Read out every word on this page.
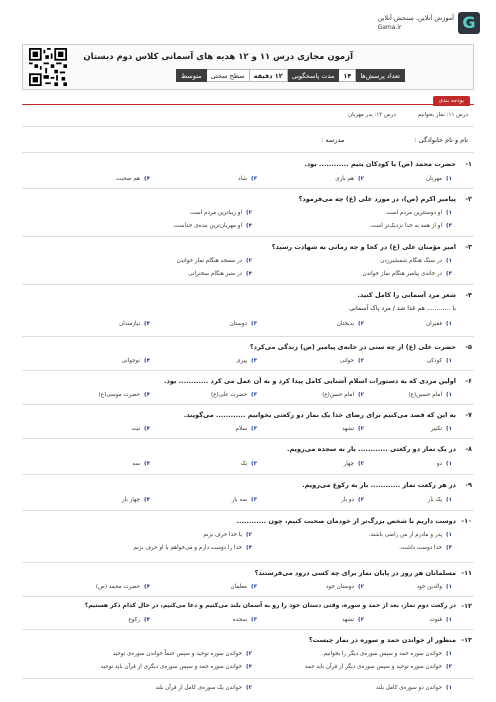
G
آموزش آنلاین، سنجش آنلاین
Gama.ir
آزمون مجازی درس ۱۱ و ۱۲ هدیه های آسمانی کلاس دوم دبستان
تعداد پرسش‌ها
۱۴
مدت پاسخگویی
۱۲ دقیقه
سطح سختی
متوسط
بودجه بندی
درس ۱۱: نماز بخوانیم
درس ۱۲: پدر مهربان
نام و نام خانوادگی :
مدرسه :
۱-
حضرت محمد (ص) یا کودکان یتیم ............ بود.
۱)مهربان
۲)هم بازی
۳)شاد
۴)هم صحبت
۲-
پیامبر اکرم (ص)، در مورد علی (ع) چه می‌فرمود؟
۱)او دوستترین مردم است.
۲)او زیباترین مردم است.
۳)او از همه به خدا نزدیک‌تر است.
۴)او مهربان‌ترین بنده‌ی خداست.
۳-
امیر مؤمنان علی (ع) در کجا و چه زمانی به شهادت رسید؟
۱)در سنگ هنگام شمشیرزدن
۲)در مسجد هنگام نماز خواندن
۳)در خانه‌ی پیامبر هنگام نماز خواندن
۴)در منبر هنگام سخنرانی
۴-
شعر مرد آسمانی را کامل کنید.
با ............ هم غذا شد / مرد پاک آسمانی
۱)فقیران
۲)بدبختان
۳)دوستان
۴)نیازمندان
۵-
حضرت علی (ع) از چه سنی در خانه‌ی پیامبر (ص) زندگی می‌کرد؟
۱)کودکی
۲)جوانی
۳)پیری
۴)نوجوانی
۶-
اولین مردی که به دستورات اسلام آشنایی کامل پیدا کرد و به آن عمل می کرد ............ بود.
۱)امام حسین(ع)
۲)امام حسن(ع)
۳)حضرت علی(ع)
۴)حضرت موسی(ع)
۷-
به این که قصد می‌کنیم برای رضای خدا یک نماز دو رکعتی بخوانیم ............ می‌گویند.
۱)تکبیر
۲)تشهد
۳)سلام
۴)نیت
۸-
در یک نماز دو رکعتی ............ بار به سجده می‌رویم.
۱)دو
۲)چهار
۳)یک
۴)سه
۹-
در هر رکعت نماز ............ بار به رکوع می‌رویم.
۱)یک بار
۲)دو بار
۳)سه بار
۴)چهار بار
۱۰-
دوست داریم با شخص بزرگ‌تر از خودمان صحبت کنیم، چون ............
۱)پدر و مادرم از من راضی باشند.
۲)با خدا حرف بزنم
۳)خدا دوست داشت.
۴)خدا را دوست دارم و می‌خواهم با او حرف بزنم
۱۱-
مسلمانان هر روز در پایان نماز برای چه کسی درود می‌فرستند؟
۱)والدین خود
۲)دوستان خود
۳)معلمان
۴)حضرت محمد (ص)
۱۲-
در رکعت دوم نماز، بعد از حمد و سوره، وقتی دستان خود را رو به آسمان بلند می‌کنیم و دعا می‌کنیم، در حال کدام ذکر هستیم؟
۱)قنوت
۲)تشهد
۳)سجده
۴)رکوع
۱۳-
منظور از خواندن حمد و سوره در نماز چیست؟
۱)خواندن سوره حمد و سپس سوره‌ی دیگر را بخوانیم.
۲)خواندن سوره توحید و سپس حتماً خواندن سوره‌ی توحید
۳)خواندن سوره توحید و سپس سوره‌ی دیگر از قرآن باید حمد
۴)خواندن سوره حمد و سپس سوره‌ی دیگری از قرآن باید توحید
۱)خواندن دو سوره‌ی کامل بلند
۲)خواندن یک سوره‌ی کامل از قرآن بلند
